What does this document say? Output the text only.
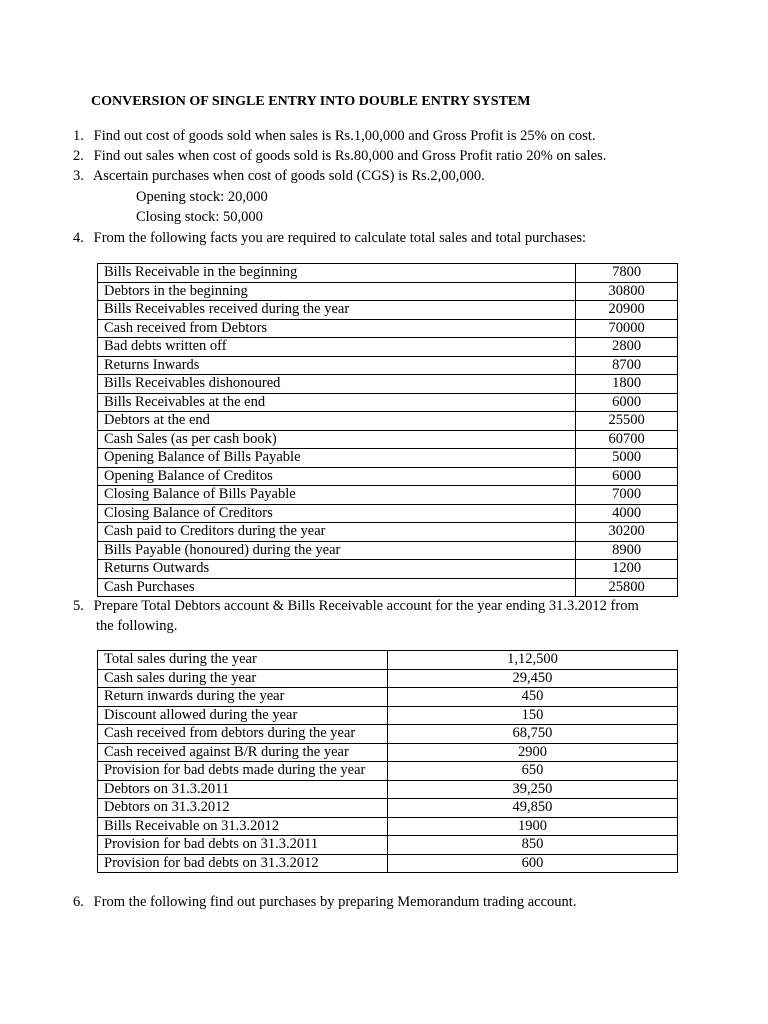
CONVERSION OF SINGLE ENTRY INTO DOUBLE ENTRY SYSTEM
1. Find out cost of goods sold when sales is Rs.1,00,000 and Gross Profit is 25% on cost.
2. Find out sales when cost of goods sold is Rs.80,000 and Gross Profit ratio 20% on sales.
3. Ascertain purchases when cost of goods sold (CGS) is Rs.2,00,000.
Opening stock: 20,000
Closing stock: 50,000
4. From the following facts you are required to calculate total sales and total purchases:
Bills Receivable in the beginning	7800
Debtors in the beginning	30800
Bills Receivables received during the year	20900
Cash received from Debtors	70000
Bad debts written off	2800
Returns Inwards	8700
Bills Receivables dishonoured	1800
Bills Receivables at the end	6000
Debtors at the end	25500
Cash Sales (as per cash book)	60700
Opening Balance of Bills Payable	5000
Opening Balance of Creditos	6000
Closing Balance of Bills Payable	7000
Closing Balance of Creditors	4000
Cash paid to Creditors during the year	30200
Bills Payable (honoured) during the year	8900
Returns Outwards	1200
Cash Purchases	25800
5. Prepare Total Debtors account & Bills Receivable account for the year ending 31.3.2012 from
the following.
Total sales during the year	1,12,500
Cash sales during the year	29,450
Return inwards during the year	450
Discount allowed during the year	150
Cash received from debtors during the year	68,750
Cash received against B/R during the year	2900
Provision for bad debts made during the year	650
Debtors on 31.3.2011	39,250
Debtors on 31.3.2012	49,850
Bills Receivable on 31.3.2012	1900
Provision for bad debts on 31.3.2011	850
Provision for bad debts on 31.3.2012	600
6. From the following find out purchases by preparing Memorandum trading account.
